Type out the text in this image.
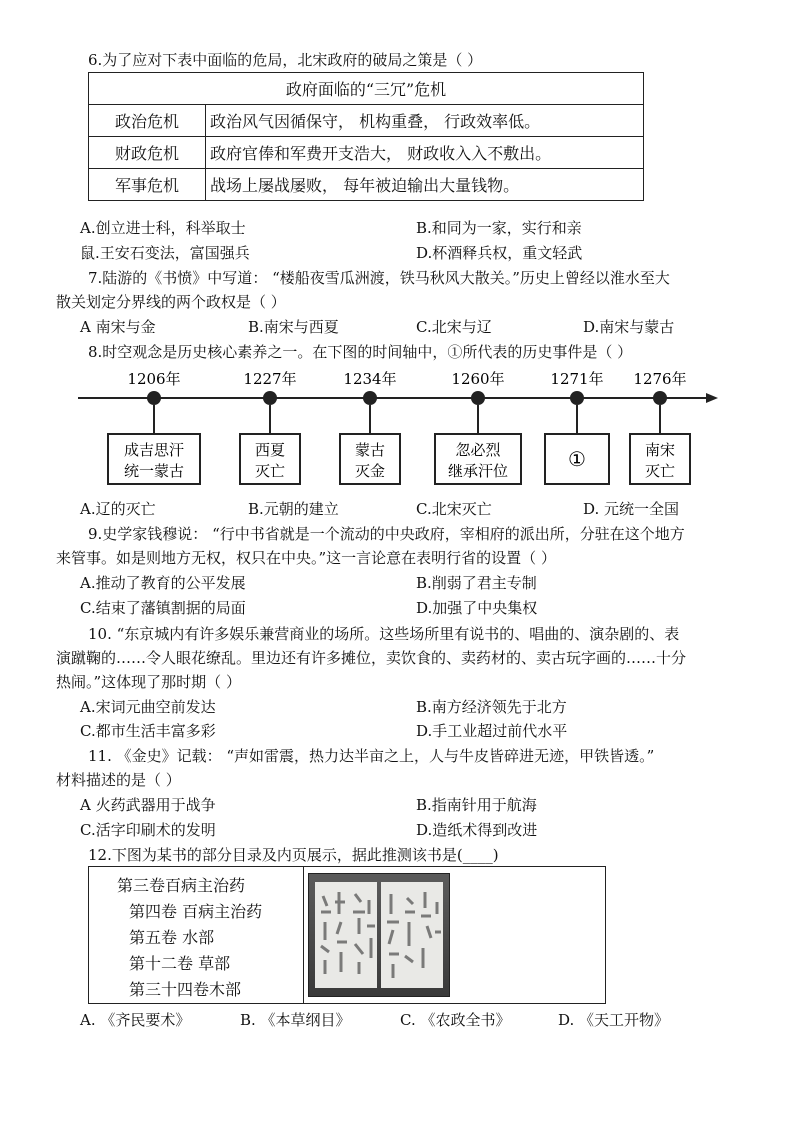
6.为了应对下表中面临的危局，北宋政府的破局之策是（ ）
政府面临的“三冗”危机	
政治危机	政治风气因循保守， 机构重叠， 行政效率低。
财政危机	政府官俸和军费开支浩大， 财政收入入不敷出。
军事危机	战场上屡战屡败， 每年被迫输出大量钱物。
A.创立进士科，科举取士	B.和同为一家，实行和亲
鼠.王安石变法，富国强兵	D.杯酒释兵权，重文轻武
7.陆游的《书愤》中写道： “楼船夜雪瓜洲渡，铁马秋风大散关。”历史上曾经以淮水至大
散关划定分界线的两个政权是（ ）
A 南宋与金	B.南宋与西夏	C.北宋与辽	D.南宋与蒙古
8.时空观念是历史核心素养之一。在下图的时间轴中，①所代表的历史事件是（ ）
1206年
成吉思汗
统一蒙古
1227年
西夏
灭亡
1234年
蒙古
灭金
1260年
忽必烈
继承汗位
1271年
①
1276年
南宋
灭亡
A.辽的灭亡	B.元朝的建立	C.北宋灭亡	D. 元统一全国
9.史学家钱穆说： “行中书省就是一个流动的中央政府，宰相府的派出所，分驻在这个地方
来管事。如是则地方无权，权只在中央。”这一言论意在表明行省的设置（ ）
A.推动了教育的公平发展	B.削弱了君主专制
C.结束了藩镇割据的局面	D.加强了中央集权
10. “东京城内有许多娱乐兼营商业的场所。这些场所里有说书的、唱曲的、演杂剧的、表
演蹴鞠的……令人眼花缭乱。里边还有许多摊位，卖饮食的、卖药材的、卖古玩字画的……十分
热闹。”这体现了那时期（ ）
A.宋词元曲空前发达	B.南方经济领先于北方
C.都市生活丰富多彩	D.手工业超过前代水平
11. 《金史》记载： “声如雷震，热力达半亩之上，人与牛皮皆碎进无迹，甲铁皆透。”
材料描述的是（ ）
A 火药武器用于战争	B.指南针用于航海
C.活字印刷术的发明	D.造纸术得到改进
12.下图为某书的部分目录及内页展示，据此推测该书是(____)
第三卷百病主治药
第四卷 百病主治药
第五卷 水部
第十二卷 草部
第三十四卷木部
A. 《齐民要术》	B. 《本草纲目》	C. 《农政全书》	D. 《天工开物》
